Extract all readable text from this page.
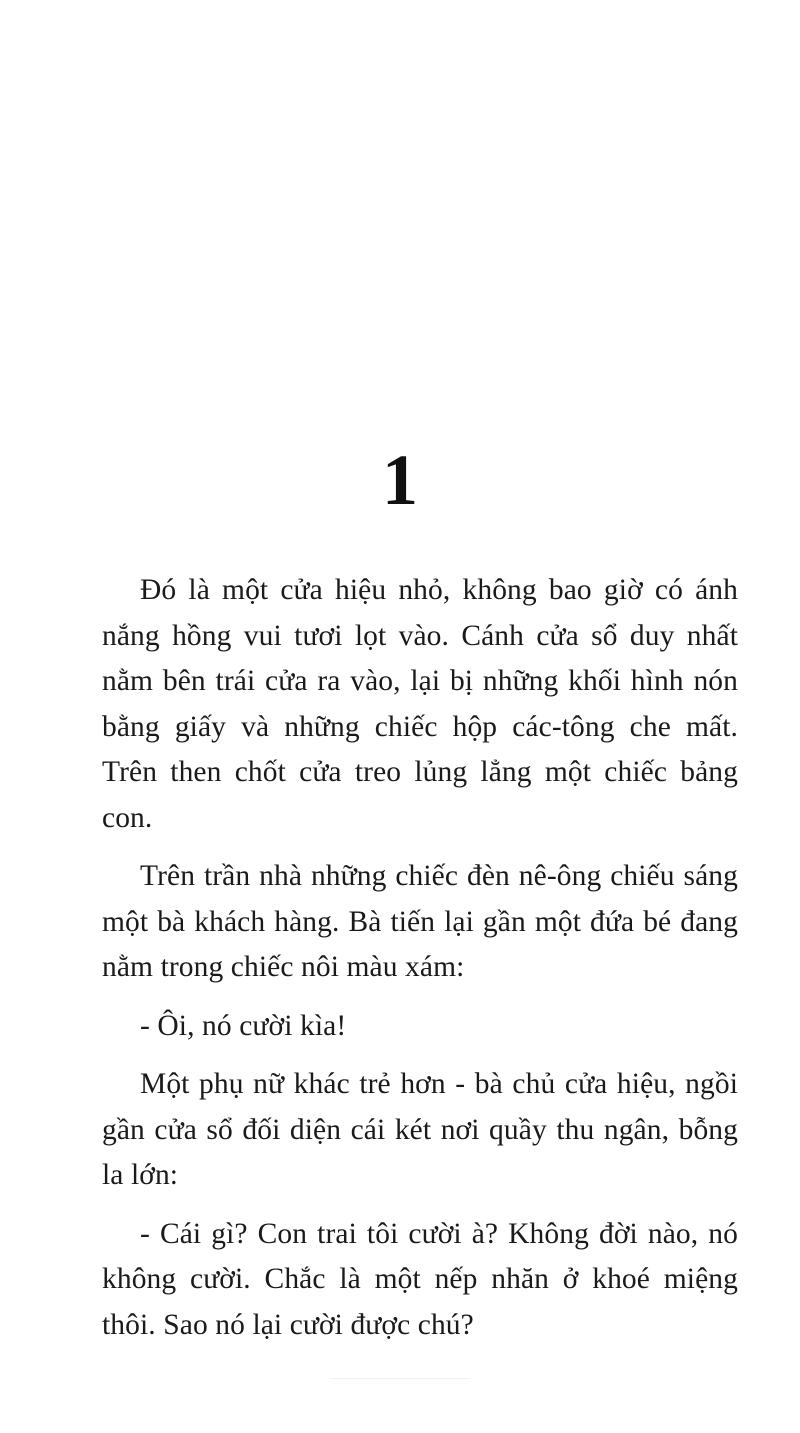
1

Đó là một cửa hiệu nhỏ, không bao giờ có ánh nắng hồng vui tươi lọt vào. Cánh cửa sổ duy nhất nằm bên trái cửa ra vào, lại bị những khối hình nón bằng giấy và những chiếc hộp các-tông che mất. Trên then chốt cửa treo lủng lẳng một chiếc bảng con.

Trên trần nhà những chiếc đèn nê-ông chiếu sáng một bà khách hàng. Bà tiến lại gần một đứa bé đang nằm trong chiếc nôi màu xám:

- Ôi, nó cười kìa!

Một phụ nữ khác trẻ hơn - bà chủ cửa hiệu, ngồi gần cửa sổ đối diện cái két nơi quầy thu ngân, bỗng la lớn:

- Cái gì? Con trai tôi cười à? Không đời nào, nó không cười. Chắc là một nếp nhăn ở khoé miệng thôi. Sao nó lại cười được chú?
